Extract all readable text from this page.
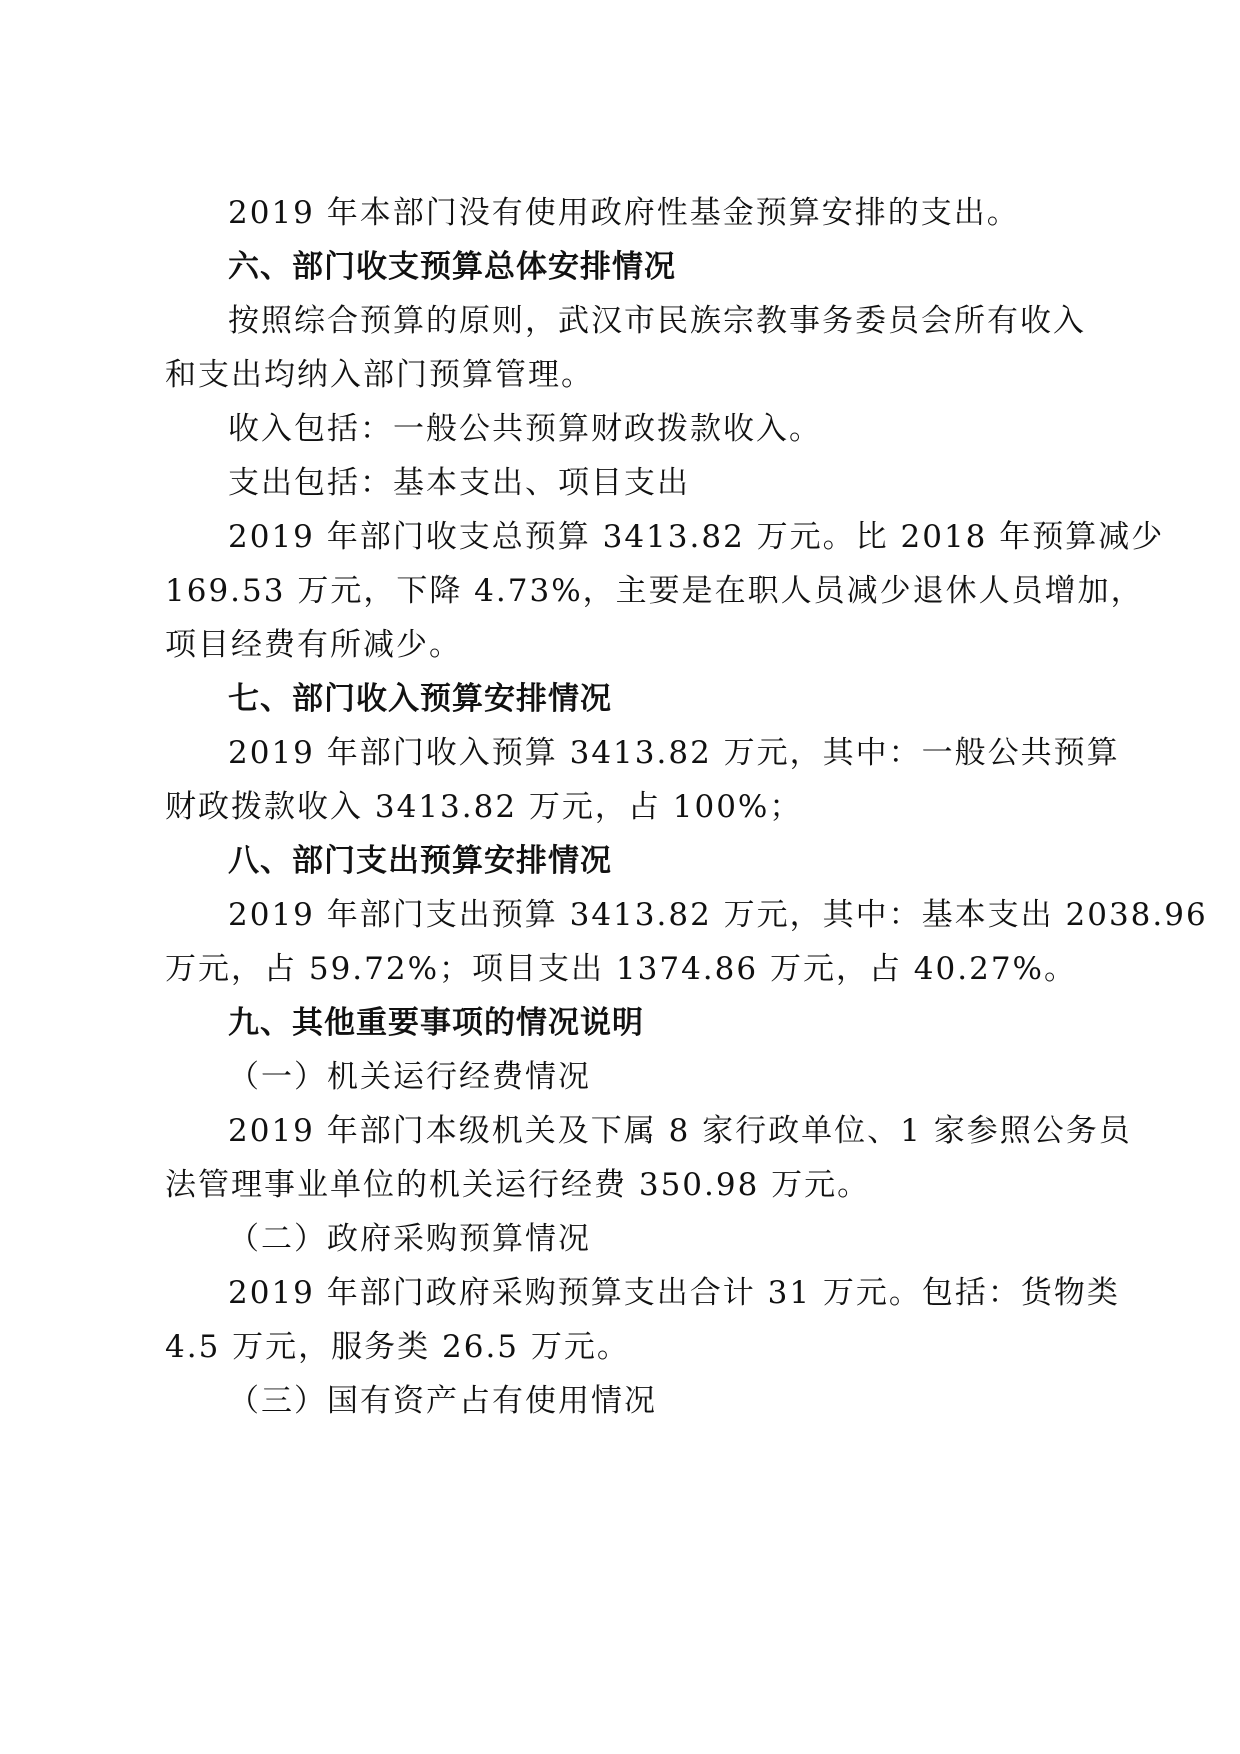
2019 年本部门没有使用政府性基金预算安排的支出。
六、部门收支预算总体安排情况
按照综合预算的原则，武汉市民族宗教事务委员会所有收入
和支出均纳入部门预算管理。
收入包括：一般公共预算财政拨款收入。
支出包括：基本支出、项目支出
2019 年部门收支总预算 3413.82 万元。比 2018 年预算减少
169.53 万元，下降 4.73%，主要是在职人员减少退休人员增加，
项目经费有所减少。
七、部门收入预算安排情况
2019 年部门收入预算 3413.82 万元，其中：一般公共预算
财政拨款收入 3413.82 万元，占 100%；
八、部门支出预算安排情况
2019 年部门支出预算 3413.82 万元，其中：基本支出 2038.96
万元，占 59.72%；项目支出 1374.86 万元，占 40.27%。
九、其他重要事项的情况说明
（一）机关运行经费情况
2019 年部门本级机关及下属 8 家行政单位、1 家参照公务员
法管理事业单位的机关运行经费 350.98 万元。
（二）政府采购预算情况
2019 年部门政府采购预算支出合计 31 万元。包括：货物类
4.5 万元，服务类 26.5 万元。
（三）国有资产占有使用情况
